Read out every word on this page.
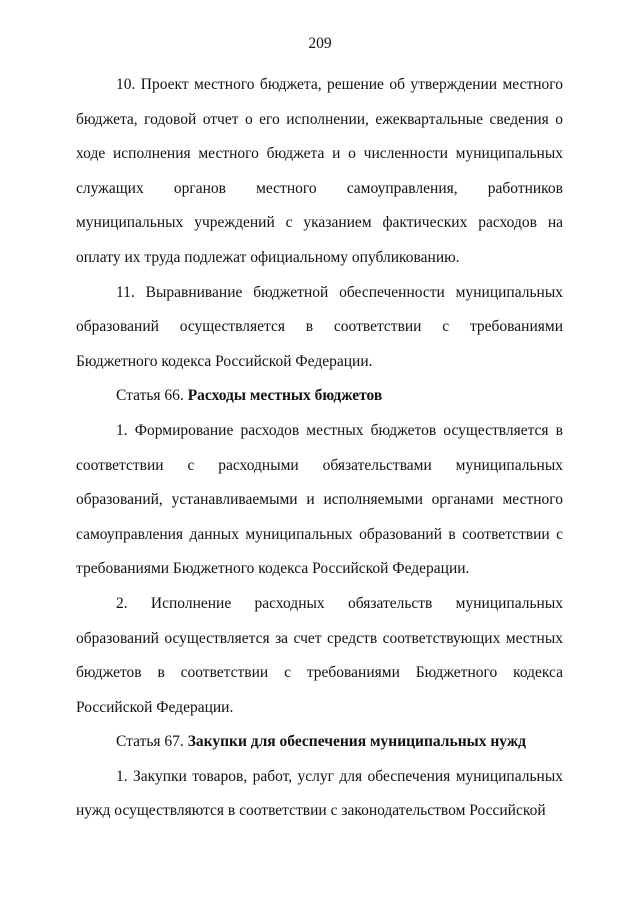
209

10. Проект местного бюджета, решение об утверждении местного бюджета, годовой отчет о его исполнении, ежеквартальные сведения о ходе исполнения местного бюджета и о численности муниципальных служащих органов местного самоуправления, работников муниципальных учреждений с указанием фактических расходов на оплату их труда подлежат официальному опубликованию.

11. Выравнивание бюджетной обеспеченности муниципальных образований осуществляется в соответствии с требованиями Бюджетного кодекса Российской Федерации.

Статья 66. Расходы местных бюджетов

1. Формирование расходов местных бюджетов осуществляется в соответствии с расходными обязательствами муниципальных образований, устанавливаемыми и исполняемыми органами местного самоуправления данных муниципальных образований в соответствии с требованиями Бюджетного кодекса Российской Федерации.

2. Исполнение расходных обязательств муниципальных образований осуществляется за счет средств соответствующих местных бюджетов в соответствии с требованиями Бюджетного кодекса Российской Федерации.

Статья 67. Закупки для обеспечения муниципальных нужд

1. Закупки товаров, работ, услуг для обеспечения муниципальных нужд осуществляются в соответствии с законодательством Российской
